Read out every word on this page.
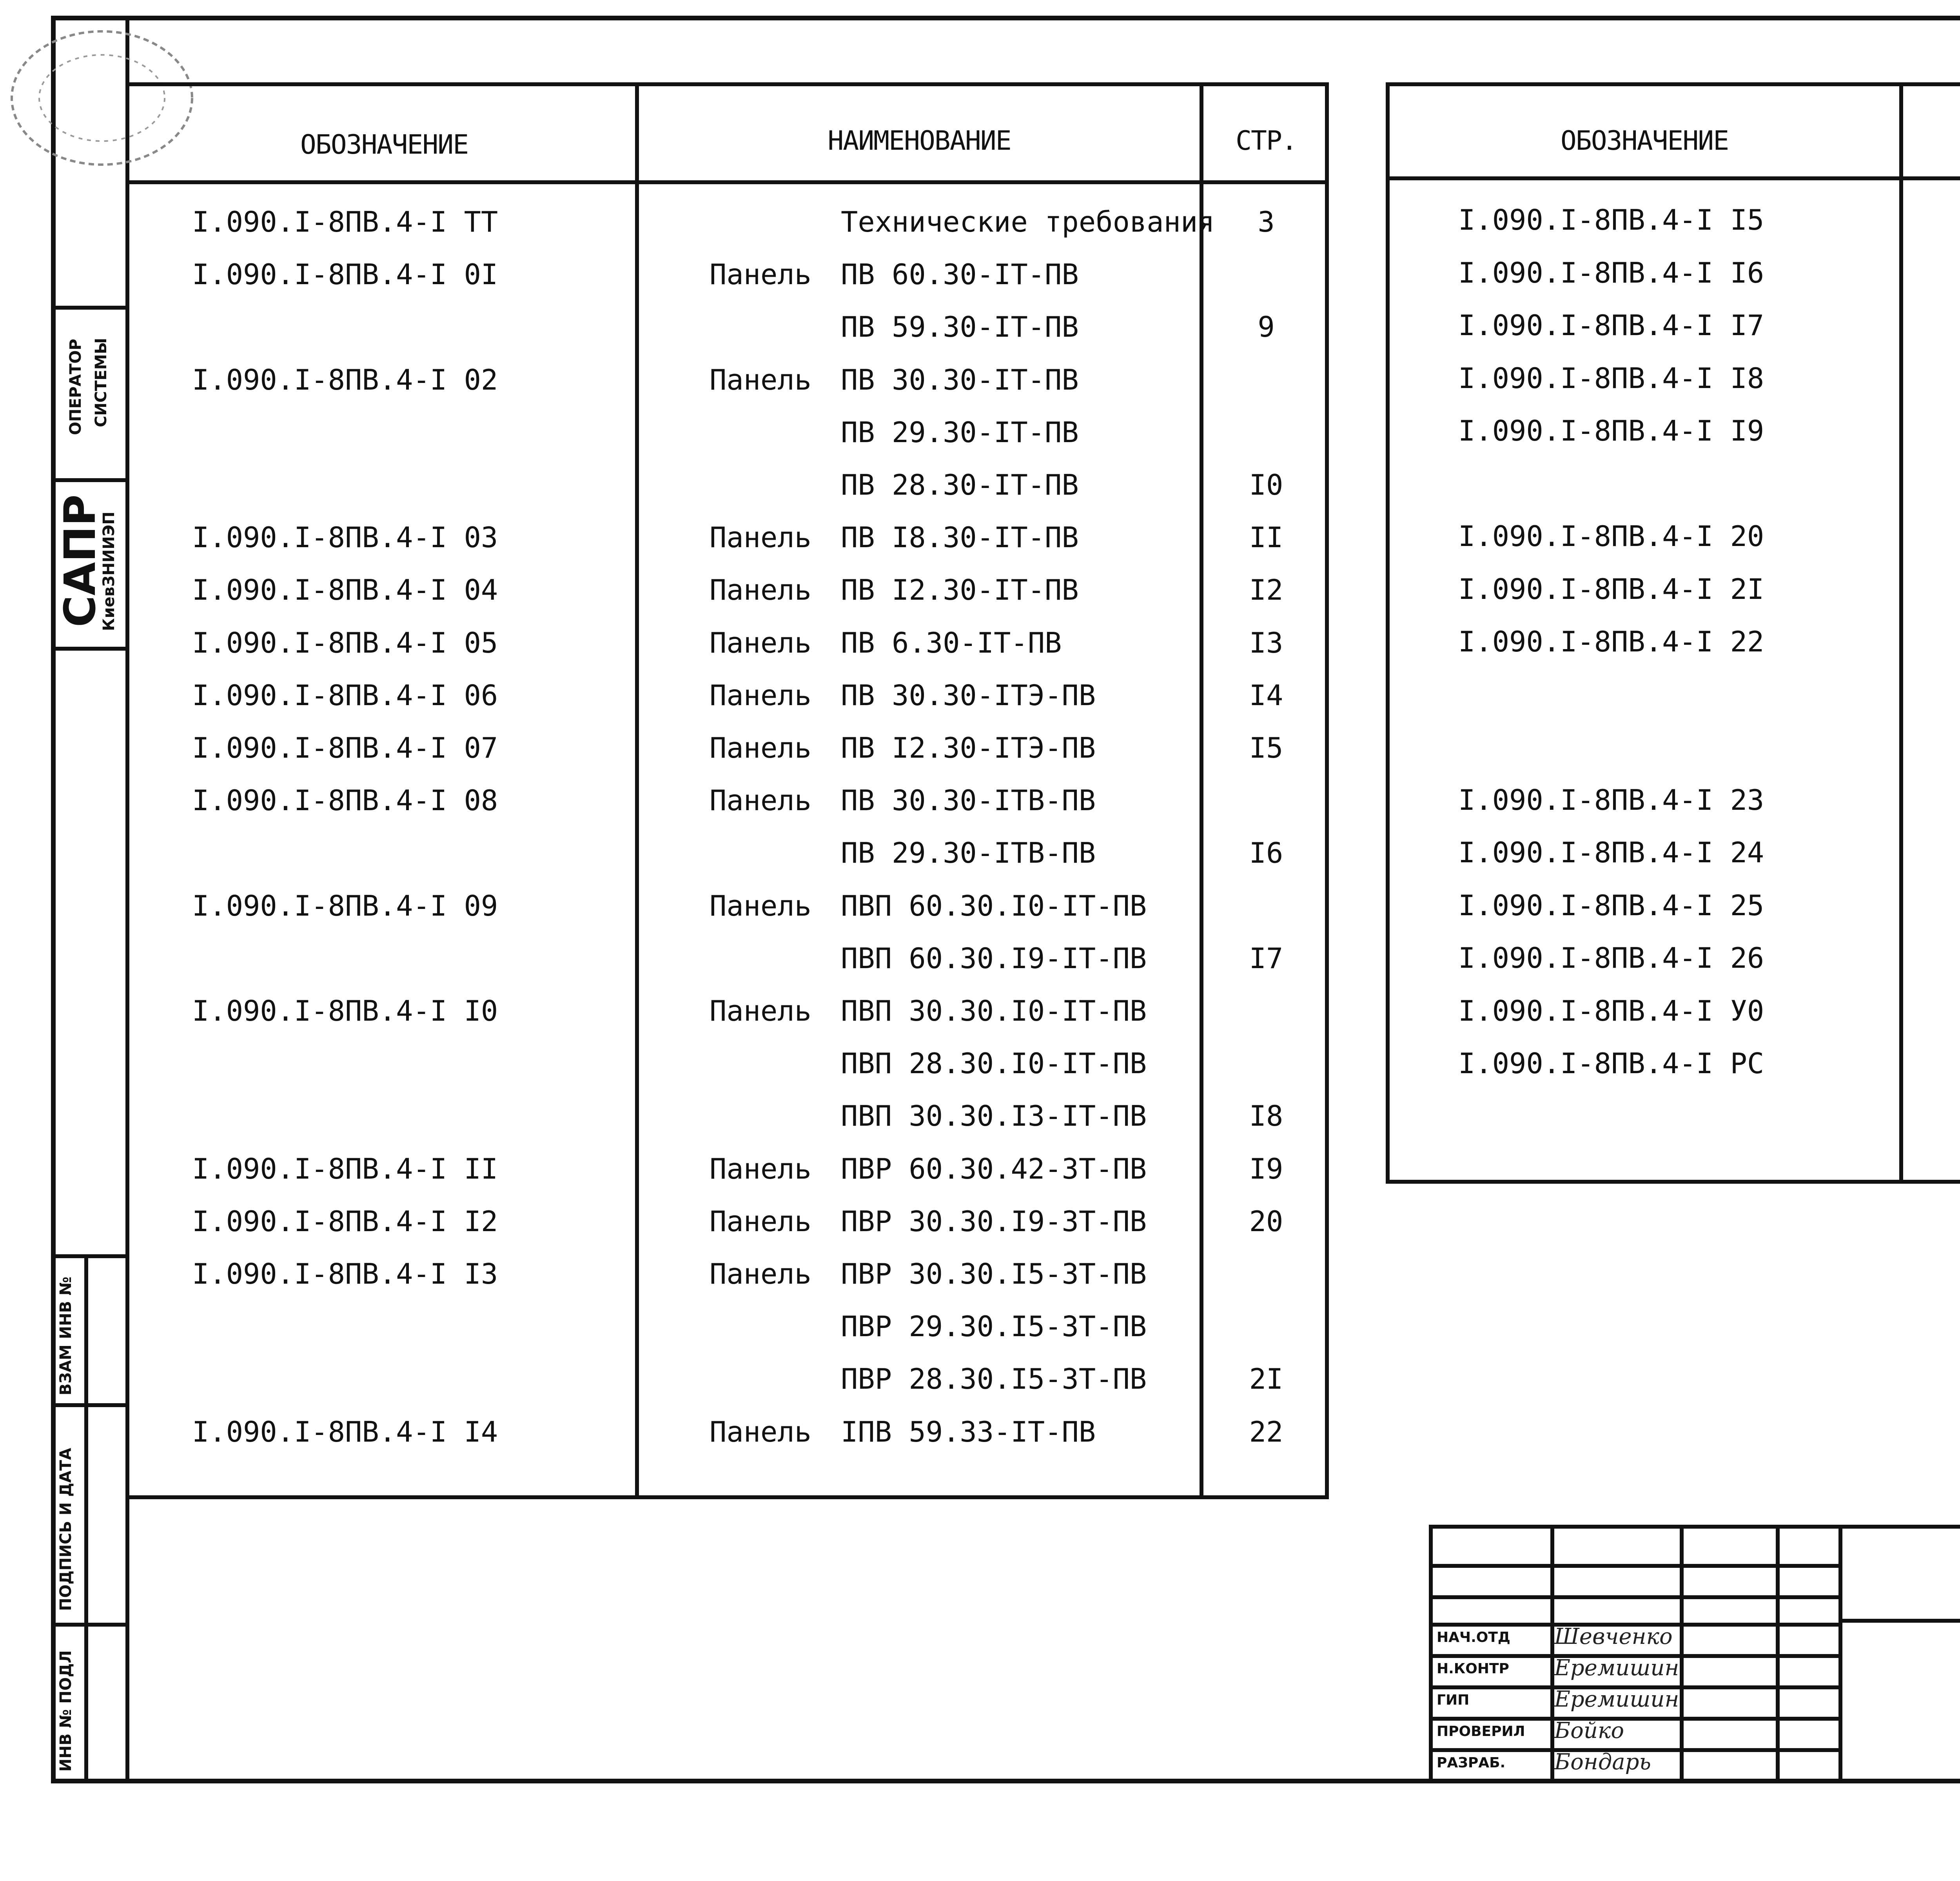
ОПЕРАТОР СИСТЕМЫ
САПР
КиевЗНИИЭП
ВЗАМ ИНВ №
ПОДПИСЬ И ДАТА
ИНВ № ПОДЛ
ОБОЗНАЧЕНИЕ	НАИМЕНОВАНИЕ	СТР.
I.090.I-8ПВ.4-I ТТ	Технические требования	3
I.090.I-8ПВ.4-I 0I	Панель ПВ 60.30-IТ-ПВ
ПВ 59.30-IТ-ПВ	9
I.090.I-8ПВ.4-I 02	Панель ПВ 30.30-IТ-ПВ
ПВ 29.30-IТ-ПВ
ПВ 28.30-IТ-ПВ	I0
I.090.I-8ПВ.4-I 03	Панель ПВ I8.30-IТ-ПВ	II
I.090.I-8ПВ.4-I 04	Панель ПВ I2.30-IТ-ПВ	I2
I.090.I-8ПВ.4-I 05	Панель ПВ 6.30-IТ-ПВ	I3
I.090.I-8ПВ.4-I 06	Панель ПВ 30.30-IТЭ-ПВ	I4
I.090.I-8ПВ.4-I 07	Панель ПВ I2.30-IТЭ-ПВ	I5
I.090.I-8ПВ.4-I 08	Панель ПВ 30.30-IТВ-ПВ
ПВ 29.30-IТВ-ПВ	I6
I.090.I-8ПВ.4-I 09	Панель ПВП 60.30.I0-IТ-ПВ
ПВП 60.30.I9-IТ-ПВ	I7
I.090.I-8ПВ.4-I I0	Панель ПВП 30.30.I0-IТ-ПВ
ПВП 28.30.I0-IТ-ПВ
ПВП 30.30.I3-IТ-ПВ	I8
I.090.I-8ПВ.4-I II	Панель ПВР 60.30.42-3Т-ПВ	I9
I.090.I-8ПВ.4-I I2	Панель ПВР 30.30.I9-3Т-ПВ	20
I.090.I-8ПВ.4-I I3	Панель ПВР 30.30.I5-3Т-ПВ
ПВР 29.30.I5-3Т-ПВ
ПВР 28.30.I5-3Т-ПВ	2I
I.090.I-8ПВ.4-I I4	Панель IПВ 59.33-IТ-ПВ	22
ОБОЗНАЧЕНИЕ
I.090.I-8ПВ.4-I I5
I.090.I-8ПВ.4-I I6
I.090.I-8ПВ.4-I I7
I.090.I-8ПВ.4-I I8
I.090.I-8ПВ.4-I I9
I.090.I-8ПВ.4-I 20
I.090.I-8ПВ.4-I 2I
I.090.I-8ПВ.4-I 22
I.090.I-8ПВ.4-I 23
I.090.I-8ПВ.4-I 24
I.090.I-8ПВ.4-I 25
I.090.I-8ПВ.4-I 26
I.090.I-8ПВ.4-I У0
I.090.I-8ПВ.4-I РС
НАЧ.ОТД Шевченко
Н.КОНТР Еремишин
ГИП	Еремишин
ПРОВЕРИЛ Бойко
РАЗРАБ. Бондарь
